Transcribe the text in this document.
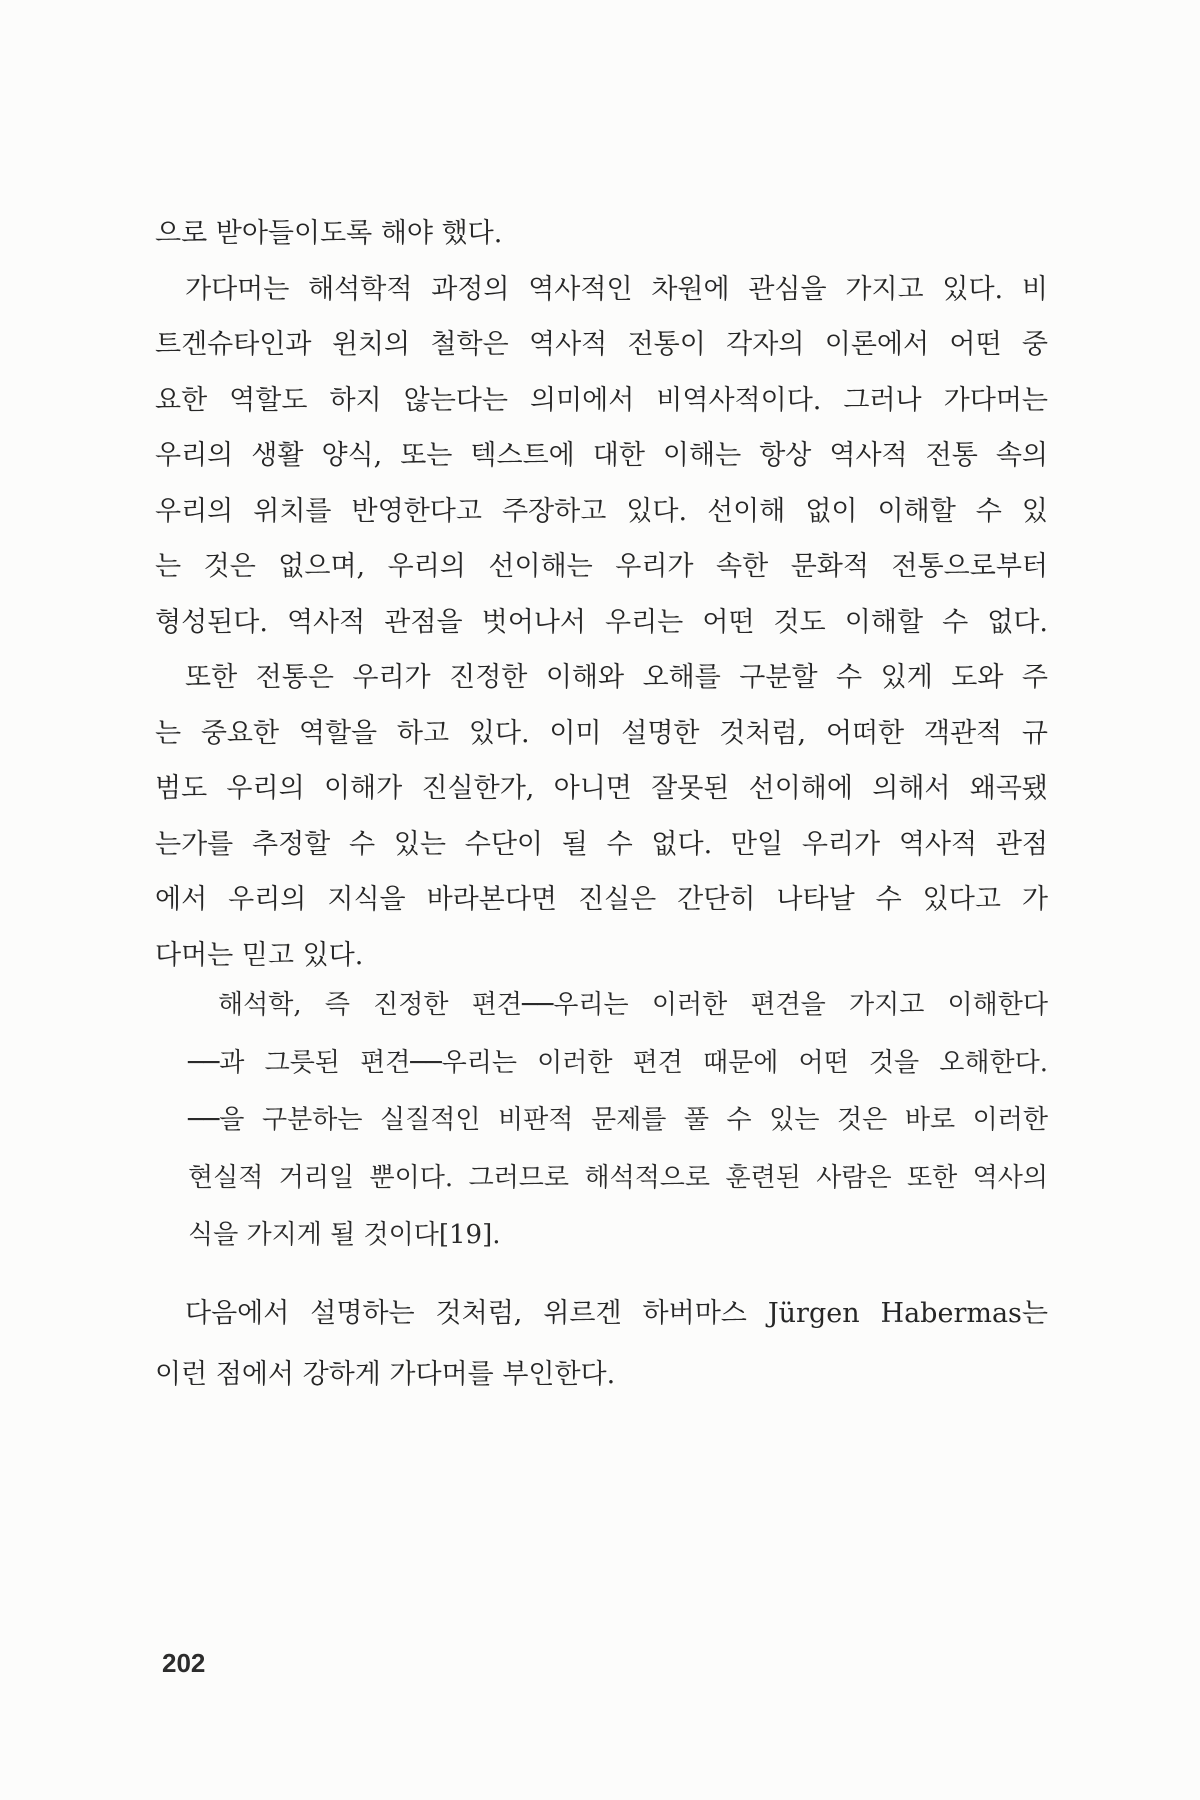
으로 받아들이도록 해야 했다.
가다머는 해석학적 과정의 역사적인 차원에 관심을 가지고 있다. 비
트겐슈타인과 윈치의 철학은 역사적 전통이 각자의 이론에서 어떤 중
요한 역할도 하지 않는다는 의미에서 비역사적이다. 그러나 가다머는
우리의 생활 양식, 또는 텍스트에 대한 이해는 항상 역사적 전통 속의
우리의 위치를 반영한다고 주장하고 있다. 선이해 없이 이해할 수 있
는 것은 없으며, 우리의 선이해는 우리가 속한 문화적 전통으로부터
형성된다. 역사적 관점을 벗어나서 우리는 어떤 것도 이해할 수 없다.
또한 전통은 우리가 진정한 이해와 오해를 구분할 수 있게 도와 주
는 중요한 역할을 하고 있다. 이미 설명한 것처럼, 어떠한 객관적 규
범도 우리의 이해가 진실한가, 아니면 잘못된 선이해에 의해서 왜곡됐
는가를 추정할 수 있는 수단이 될 수 없다. 만일 우리가 역사적 관점
에서 우리의 지식을 바라본다면 진실은 간단히 나타날 수 있다고 가
다머는 믿고 있다.
해석학, 즉 진정한 편견──우리는 이러한 편견을 가지고 이해한다
──과 그릇된 편견──우리는 이러한 편견 때문에 어떤 것을 오해한다.
──을 구분하는 실질적인 비판적 문제를 풀 수 있는 것은 바로 이러한
현실적 거리일 뿐이다. 그러므로 해석적으로 훈련된 사람은 또한 역사의
식을 가지게 될 것이다[19].
다음에서 설명하는 것처럼, 위르겐 하버마스 Jürgen Habermas는
이런 점에서 강하게 가다머를 부인한다.
202
